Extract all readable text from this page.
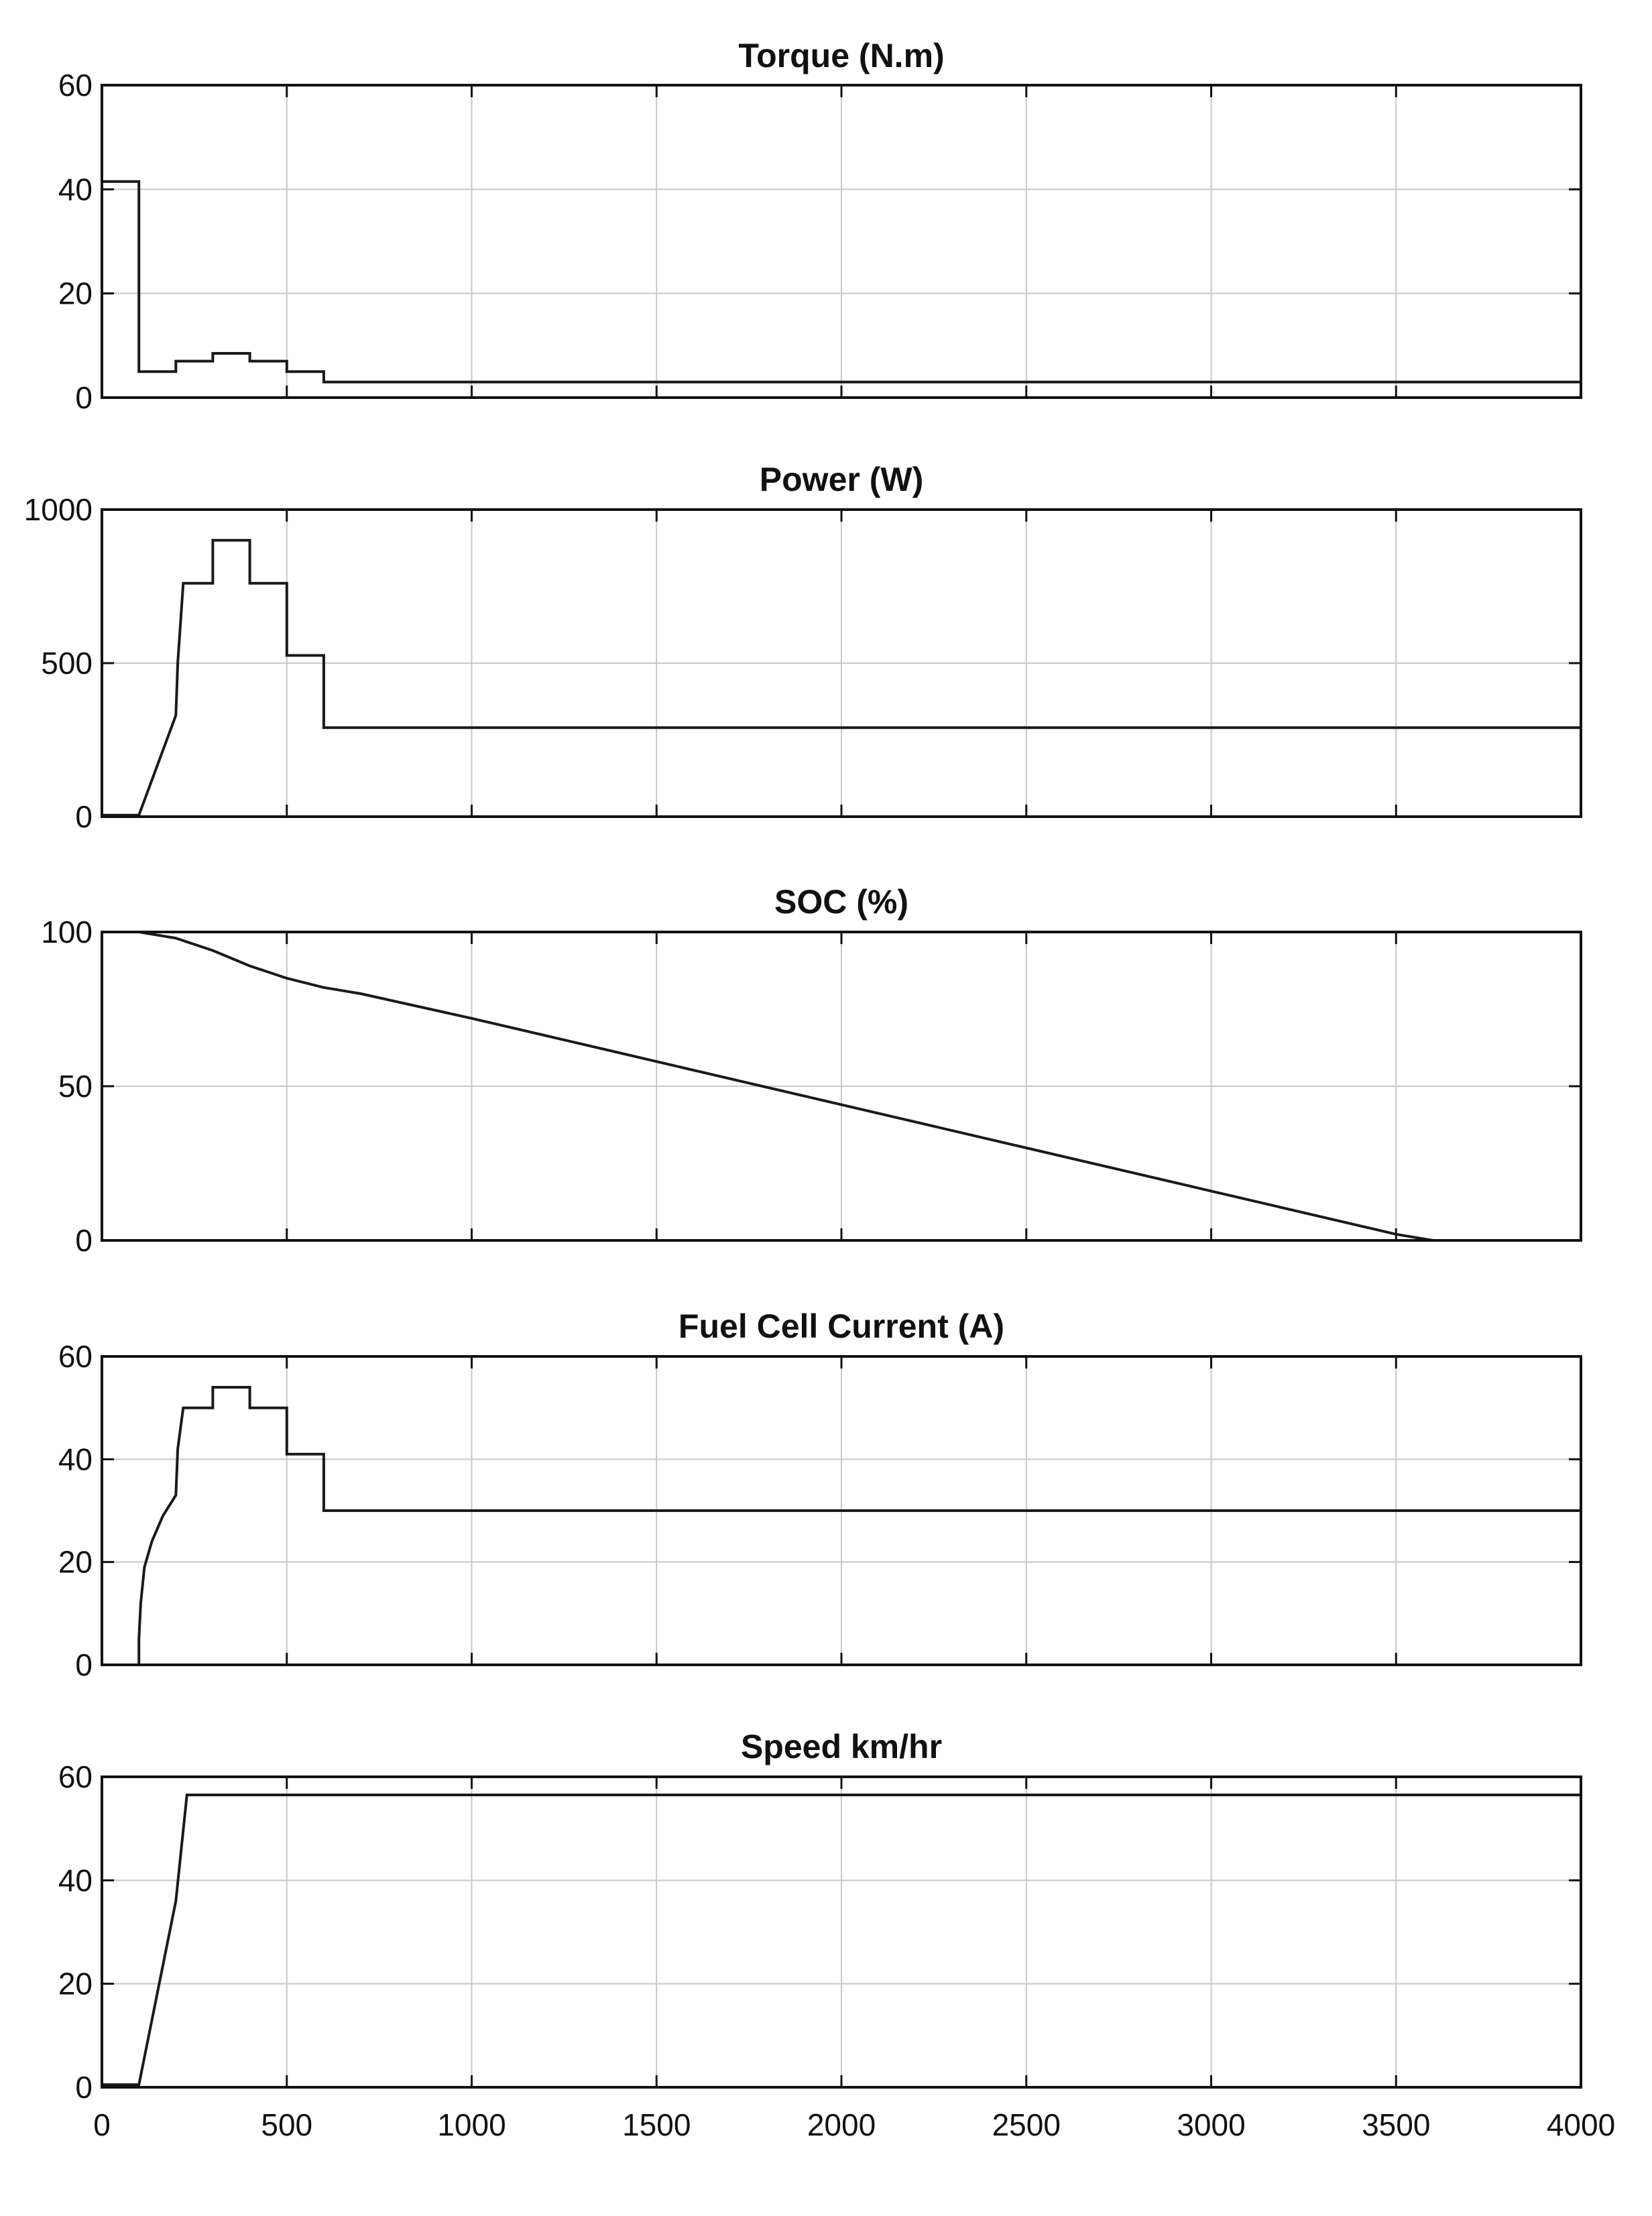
Torque (N.m)
0
20
40
60
Power (W)
0
500
1000
SOC (%)
0
50
100
Fuel Cell Current (A)
0
20
40
60
Speed km/hr
0
20
40
60
0	500	1000	1500	2000	2500	3000	3500	4000
